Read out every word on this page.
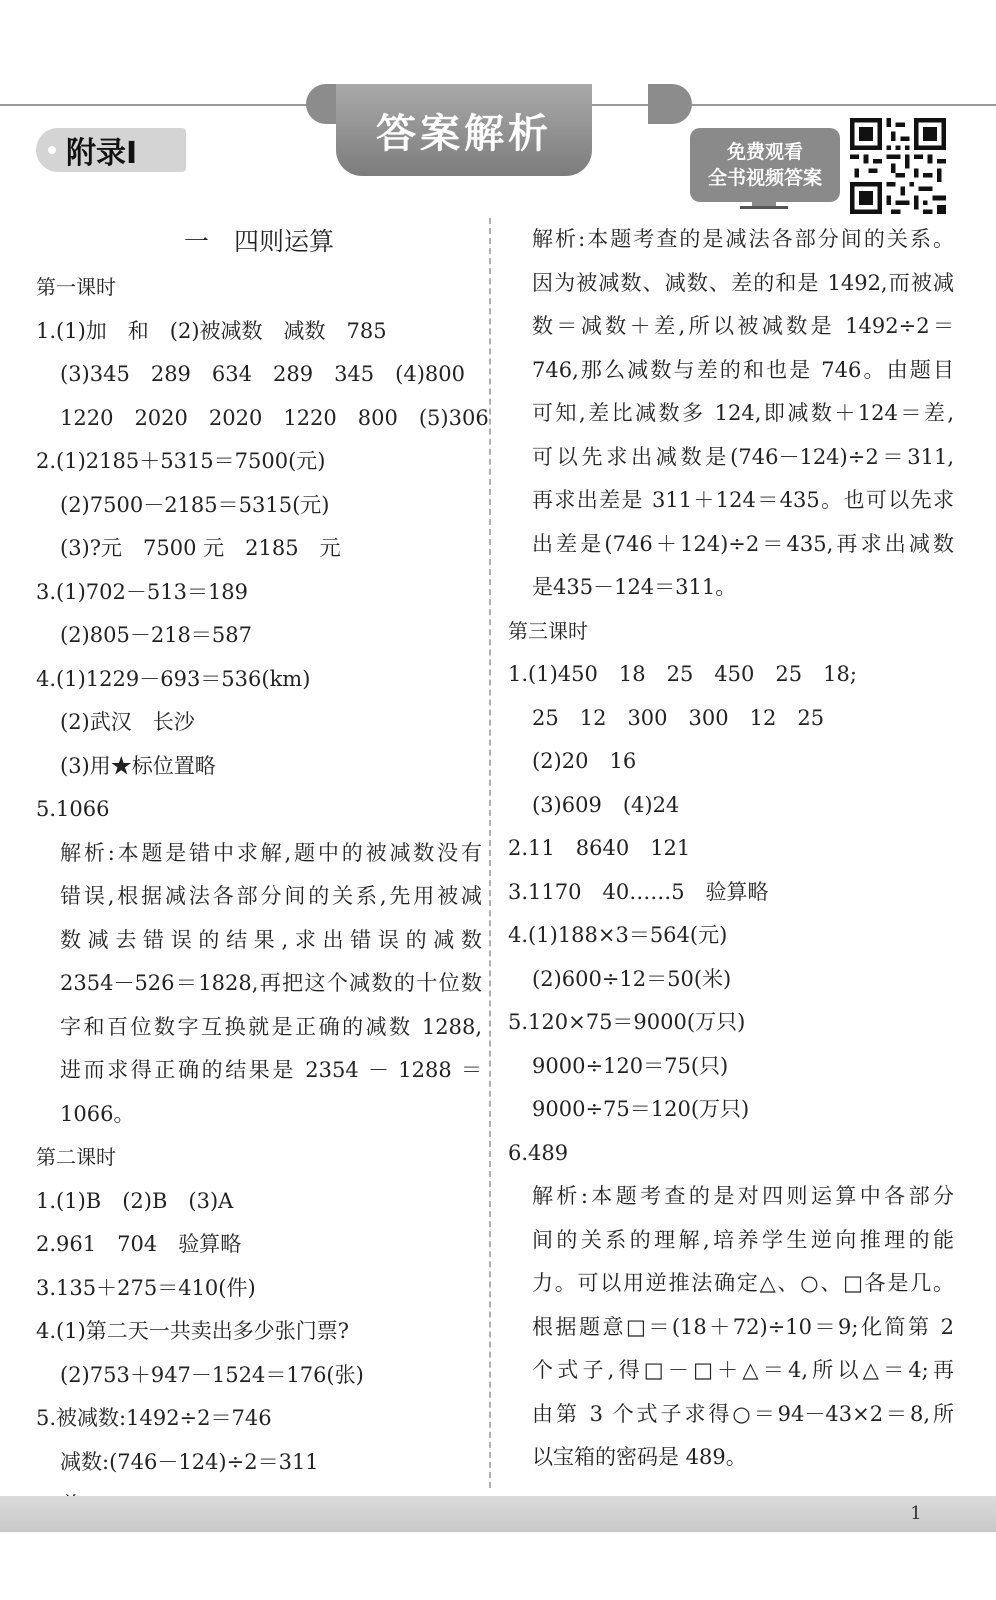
答案解析
附录Ⅰ	免费观看
全书视频答案
一　四则运算
第一课时
1.(1)加　和　(2)被减数　减数　785
(3)345　289　634　289　345　(4)800
1220　2020　2020　1220　800　(5)306
2.(1)2185＋5315＝7500(元)
(2)7500－2185＝5315(元)
(3)?元　7500 元　2185　元
3.(1)702－513＝189
(2)805－218＝587
4.(1)1229－693＝536(km)
(2)武汉　长沙
(3)用★标位置略
5.1066
解析:本题是错中求解,题中的被减数没有
错误,根据减法各部分间的关系,先用被减
数减去错误的结果,求出错误的减数
2354－526＝1828,再把这个减数的十位数
字和百位数字互换就是正确的减数 1288,
进而求得正确的结果是 2354 － 1288 ＝
1066。
第二课时
1.(1)B　(2)B　(3)A
2.961　704　验算略
3.135＋275＝410(件)
4.(1)第二天一共卖出多少张门票?
(2)753＋947－1524＝176(张)
5.被减数:1492÷2＝746
减数:(746－124)÷2＝311
解析:本题考查的是减法各部分间的关系。
因为被减数、减数、差的和是 1492,而被减
数＝减数＋差,所以被减数是 1492÷2＝
746,那么减数与差的和也是 746。由题目
可知,差比减数多 124,即减数＋124＝差,
可以先求出减数是(746－124)÷2＝311,
再求出差是 311＋124＝435。也可以先求
出差是(746＋124)÷2＝435,再求出减数
是435－124＝311。
第三课时
1.(1)450　18　25　450　25　18;
25　12　300　300　12　25
(2)20　16
(3)609　(4)24
2.11　8640　121
3.1170　40……5　验算略
4.(1)188×3＝564(元)
(2)600÷12＝50(米)
5.120×75＝9000(万只)
9000÷120＝75(只)
9000÷75＝120(万只)
6.489
解析:本题考查的是对四则运算中各部分
间的关系的理解,培养学生逆向推理的能
力。可以用逆推法确定△、○、□各是几。
根据题意□＝(18＋72)÷10＝9;化简第 2
个式子,得□－□＋△＝4,所以△＝4;再
由第 3 个式子求得○＝94－43×2＝8,所
以宝箱的密码是 489。
1
